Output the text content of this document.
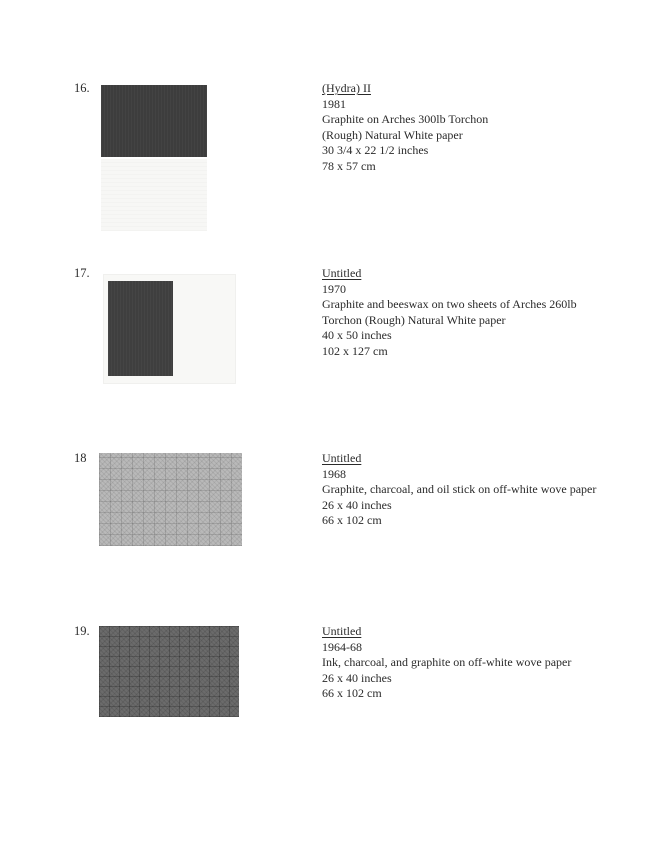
16.	(Hydra) II
1981
Graphite on Arches 300lb Torchon
(Rough) Natural White paper
30 3/4 x 22 1/2 inches
78 x 57 cm
17.	Untitled
1970
Graphite and beeswax on two sheets of Arches 260lb
Torchon (Rough) Natural White paper
40 x 50 inches
102 x 127 cm
18	Untitled
1968
Graphite, charcoal, and oil stick on off-white wove paper
26 x 40 inches
66 x 102 cm
19.	Untitled
1964-68
Ink, charcoal, and graphite on off-white wove paper
26 x 40 inches
66 x 102 cm
